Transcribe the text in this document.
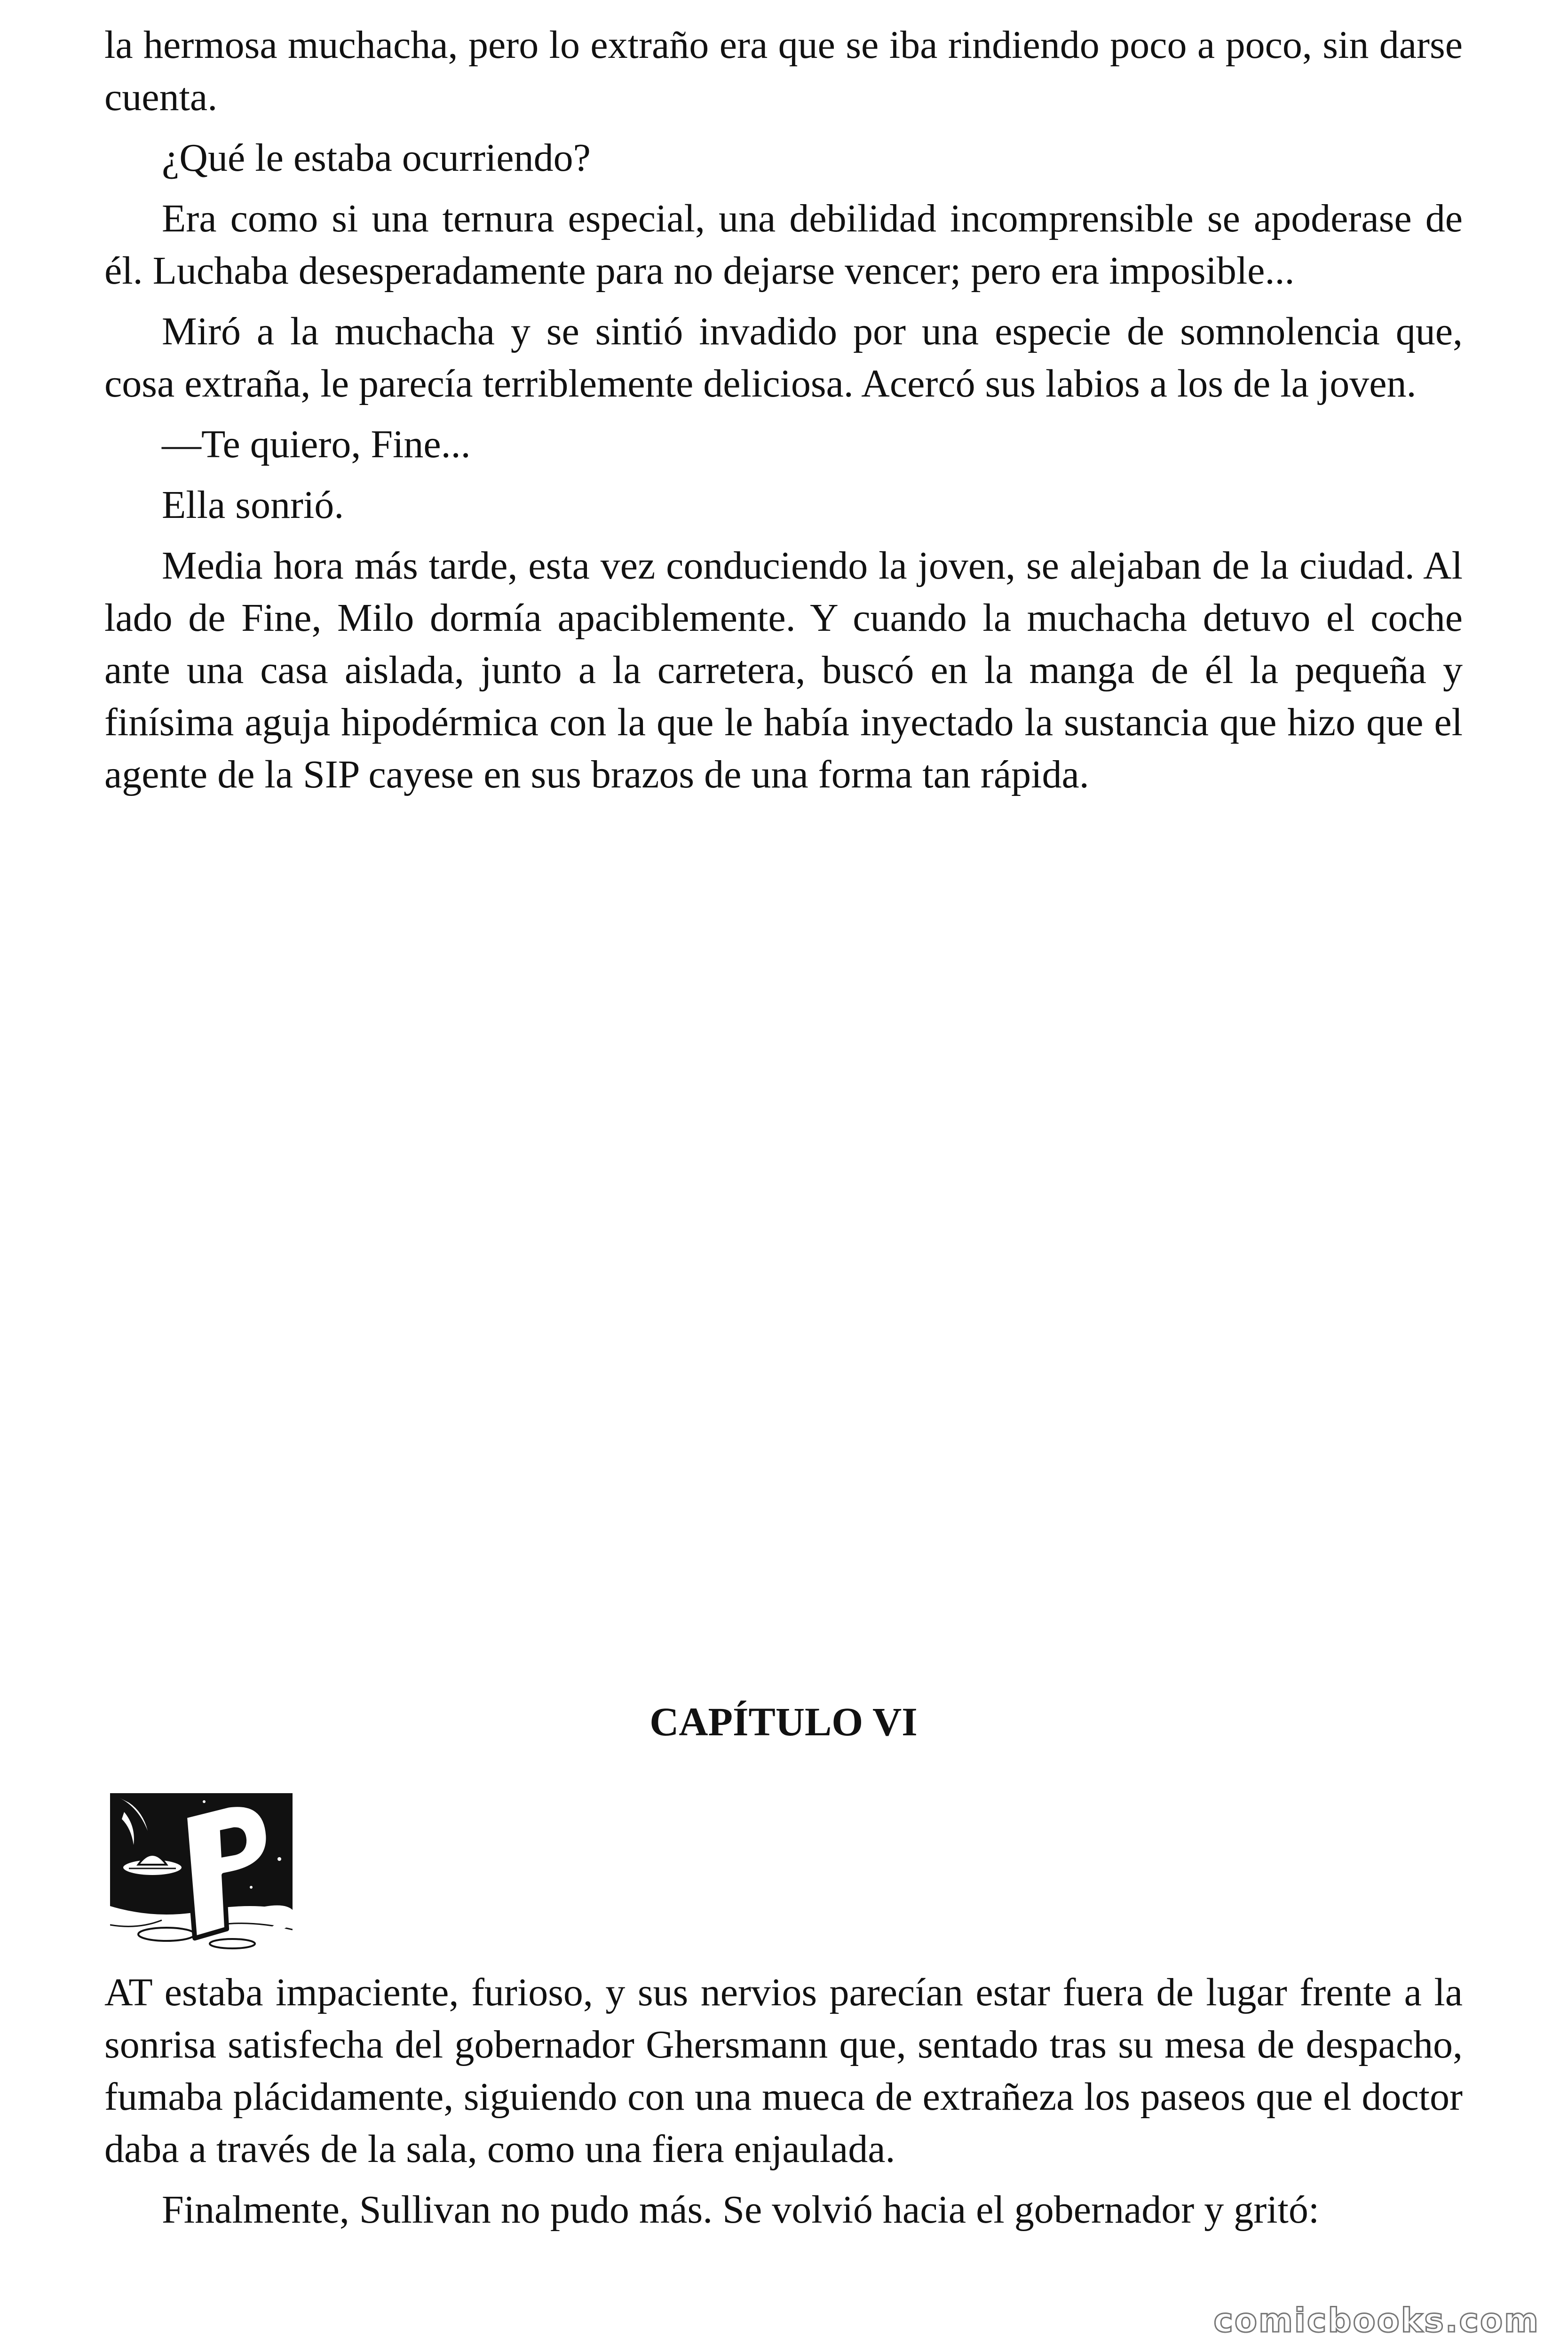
la hermosa muchacha, pero lo extraño era que se iba rindiendo poco a poco, sin darse cuenta.

¿Qué le estaba ocurriendo?

Era como si una ternura especial, una debilidad incomprensible se apoderase de él. Luchaba desesperadamente para no dejarse vencer; pero era imposible...

Miró a la muchacha y se sintió invadido por una especie de somnolencia que, cosa extraña, le parecía terriblemente deliciosa. Acercó sus labios a los de la joven.

—Te quiero, Fine...

Ella sonrió.

Media hora más tarde, esta vez conduciendo la joven, se alejaban de la ciudad. Al lado de Fine, Milo dormía apaciblemente. Y cuando la muchacha detuvo el coche ante una casa aislada, junto a la carretera, buscó en la manga de él la pequeña y finísima aguja hipodérmica con la que le había inyectado la sustancia que hizo que el agente de la SIP cayese en sus brazos de una forma tan rápida.

CAPÍTULO VI

AT estaba impaciente, furioso, y sus nervios parecían estar fuera de lugar frente a la sonrisa satisfecha del gobernador Ghersmann que, sentado tras su mesa de despacho, fumaba plácidamente, siguiendo con una mueca de extrañeza los paseos que el doctor daba a través de la sala, como una fiera enjaulada.

Finalmente, Sullivan no pudo más. Se volvió hacia el gobernador y gritó:

comicbooks.com
